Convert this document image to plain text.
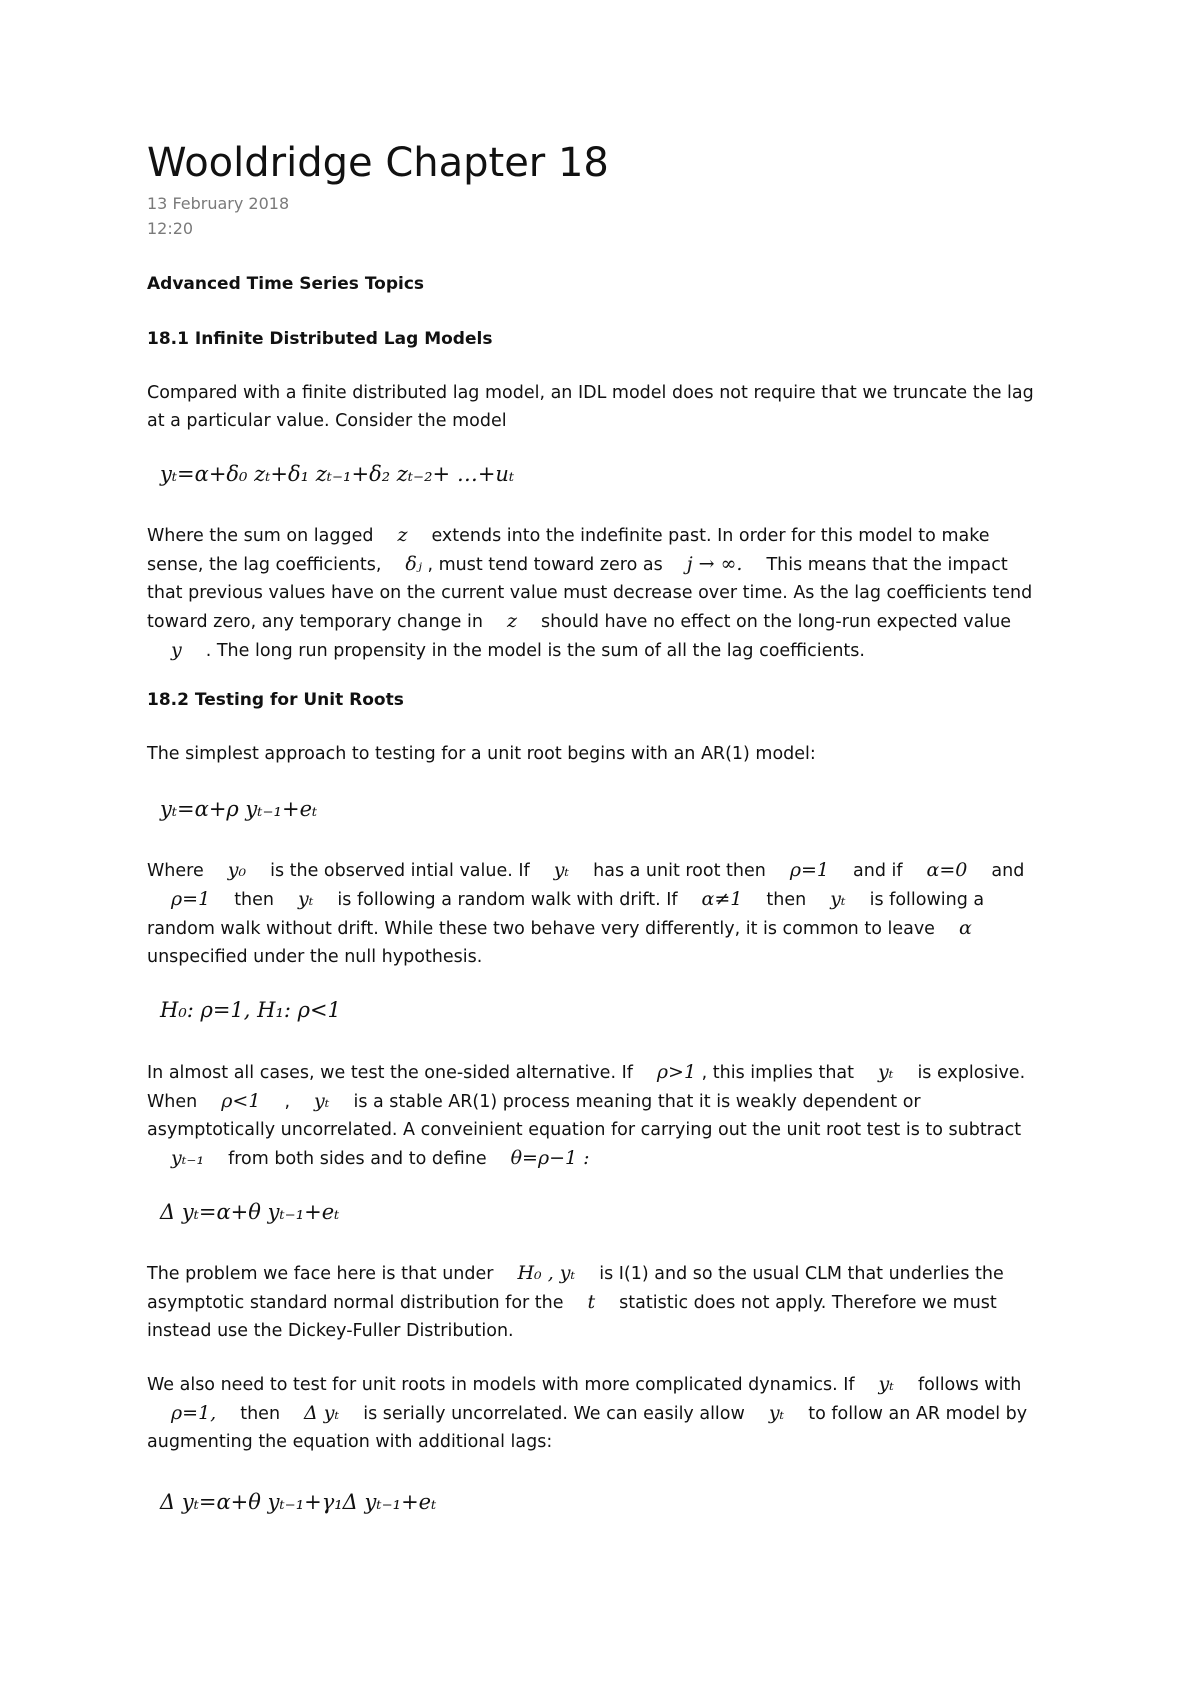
Wooldridge Chapter 18
13 February 2018
12:20
Advanced Time Series Topics
18.1 Infinite Distributed Lag Models

Compared with a finite distributed lag model, an IDL model does not require that we truncate the lag
at a particular value. Consider the model

yₜ=α+δ₀ zₜ+δ₁ zₜ₋₁+δ₂ zₜ₋₂+ …+uₜ

Where the sum on lagged z extends into the indefinite past. In order for this model to make
sense, the lag coefficients, δⱼ , must tend toward zero as j → ∞. This means that the impact
that previous values have on the current value must decrease over time. As the lag coefficients tend
toward zero, any temporary change in z should have no effect on the long-run expected value
y . The long run propensity in the model is the sum of all the lag coefficients.

18.2 Testing for Unit Roots

The simplest approach to testing for a unit root begins with an AR(1) model:

yₜ=α+ρ yₜ₋₁+eₜ

Where y₀ is the observed intial value. If yₜ has a unit root then ρ=1 and if α=0 and
ρ=1 then yₜ is following a random walk with drift. If α≠1 then yₜ is following a
random walk without drift. While these two behave very differently, it is common to leave α
unspecified under the null hypothesis.

H₀: ρ=1, H₁: ρ<1

In almost all cases, we test the one-sided alternative. If ρ>1 , this implies that yₜ is explosive.
When ρ<1 , yₜ is a stable AR(1) process meaning that it is weakly dependent or
asymptotically uncorrelated. A conveinient equation for carrying out the unit root test is to subtract
yₜ₋₁ from both sides and to define θ=ρ−1 :

Δ yₜ=α+θ yₜ₋₁+eₜ

The problem we face here is that under H₀ , yₜ is I(1) and so the usual CLM that underlies the
asymptotic standard normal distribution for the t statistic does not apply. Therefore we must
instead use the Dickey-Fuller Distribution.

We also need to test for unit roots in models with more complicated dynamics. If yₜ follows with
ρ=1, then Δ yₜ is serially uncorrelated. We can easily allow yₜ to follow an AR model by
augmenting the equation with additional lags:

Δ yₜ=α+θ yₜ₋₁+γ₁Δ yₜ₋₁+eₜ
